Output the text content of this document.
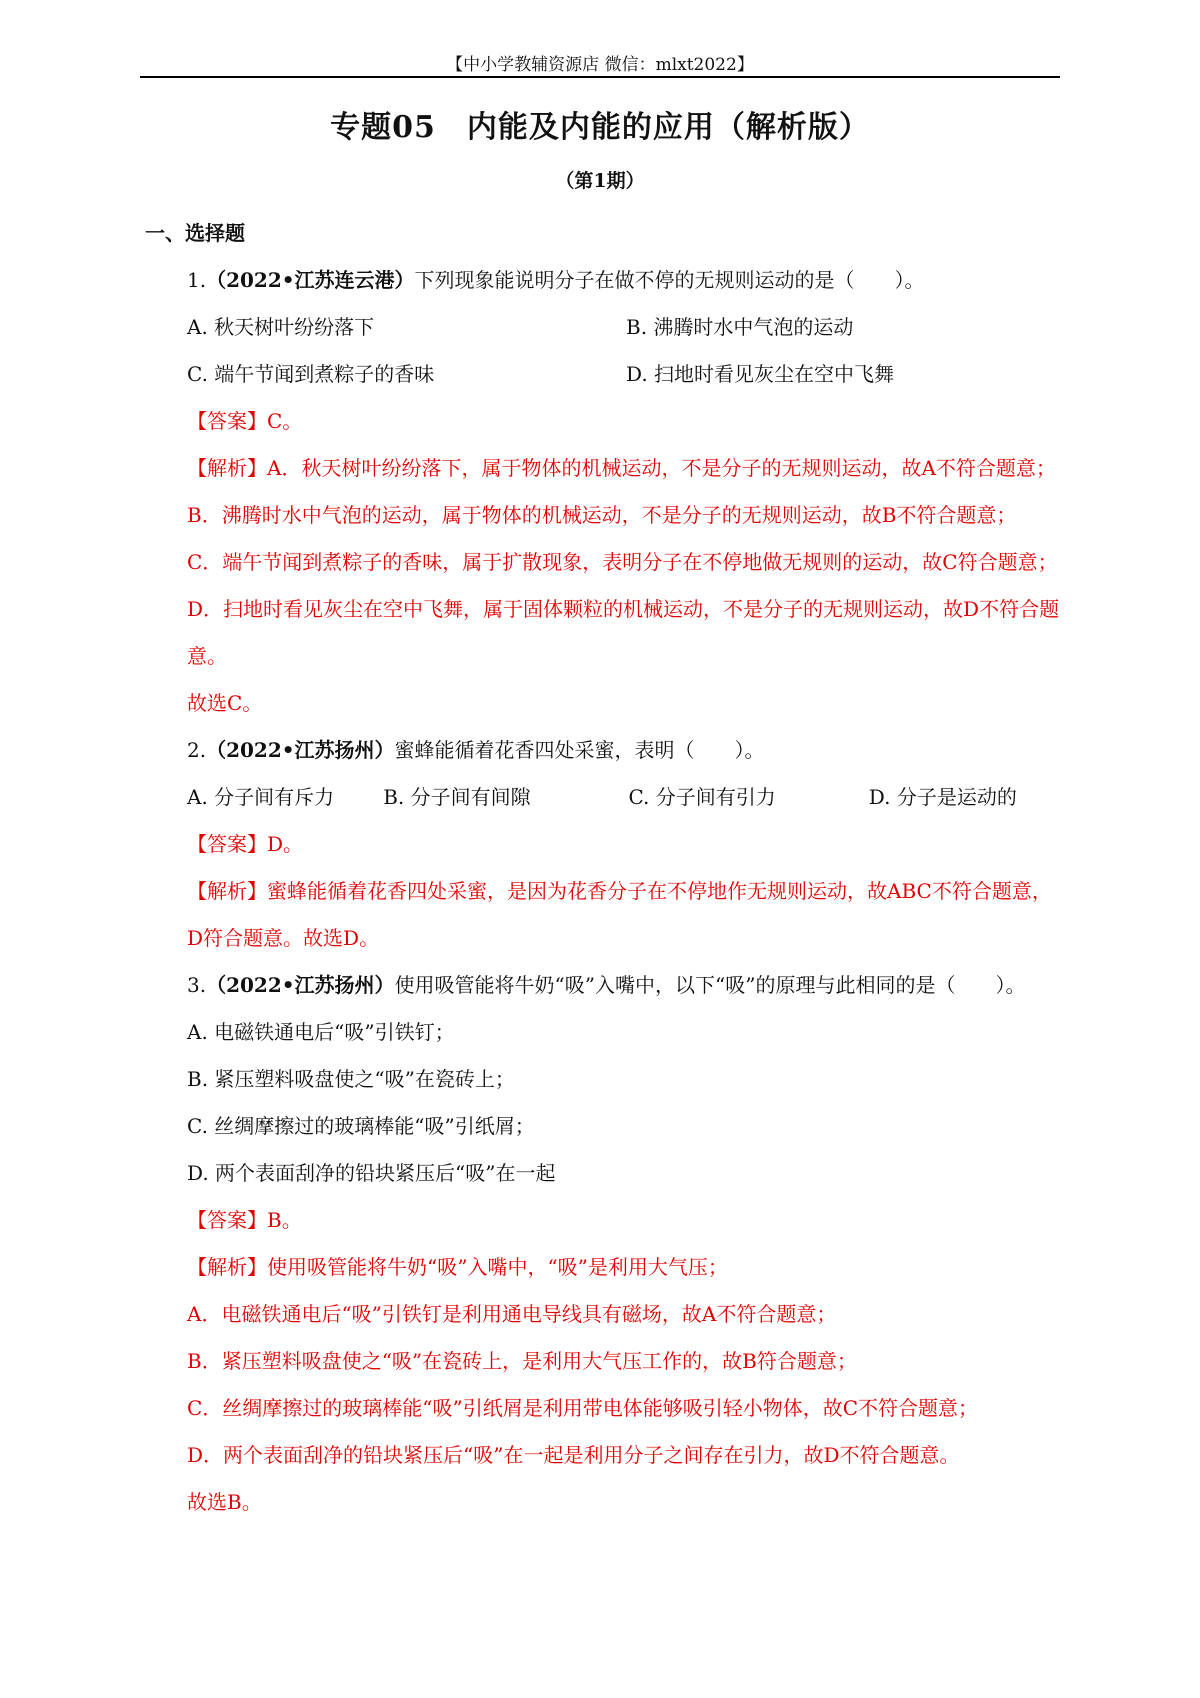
【中小学教辅资源店 微信：mlxt2022】
专题05　内能及内能的应用（解析版）
（第1期）
一、选择题
1.（2022•江苏连云港）下列现象能说明分子在做不停的无规则运动的是（　　）。
A. 秋天树叶纷纷落下	B. 沸腾时水中气泡的运动
C. 端午节闻到煮粽子的香味	D. 扫地时看见灰尘在空中飞舞
【答案】C。
【解析】A．秋天树叶纷纷落下，属于物体的机械运动，不是分子的无规则运动，故A不符合题意；
B．沸腾时水中气泡的运动，属于物体的机械运动，不是分子的无规则运动，故B不符合题意；
C．端午节闻到煮粽子的香味，属于扩散现象，表明分子在不停地做无规则的运动，故C符合题意；
D．扫地时看见灰尘在空中飞舞，属于固体颗粒的机械运动，不是分子的无规则运动，故D不符合题意。
故选C。
2.（2022•江苏扬州）蜜蜂能循着花香四处采蜜，表明（　　）。
A. 分子间有斥力	B. 分子间有间隙	C. 分子间有引力	D. 分子是运动的
【答案】D。
【解析】蜜蜂能循着花香四处采蜜，是因为花香分子在不停地作无规则运动，故ABC不符合题意，D符合题意。故选D。
3.（2022•江苏扬州）使用吸管能将牛奶“吸”入嘴中，以下“吸”的原理与此相同的是（　　）。
A. 电磁铁通电后“吸”引铁钉；
B. 紧压塑料吸盘使之“吸”在瓷砖上；
C. 丝绸摩擦过的玻璃棒能“吸”引纸屑；
D. 两个表面刮净的铅块紧压后“吸”在一起
【答案】B。
【解析】使用吸管能将牛奶“吸”入嘴中，“吸”是利用大气压；
A．电磁铁通电后“吸”引铁钉是利用通电导线具有磁场，故A不符合题意；
B．紧压塑料吸盘使之“吸”在瓷砖上，是利用大气压工作的，故B符合题意；
C．丝绸摩擦过的玻璃棒能“吸”引纸屑是利用带电体能够吸引轻小物体，故C不符合题意；
D．两个表面刮净的铅块紧压后“吸”在一起是利用分子之间存在引力，故D不符合题意。
故选B。
